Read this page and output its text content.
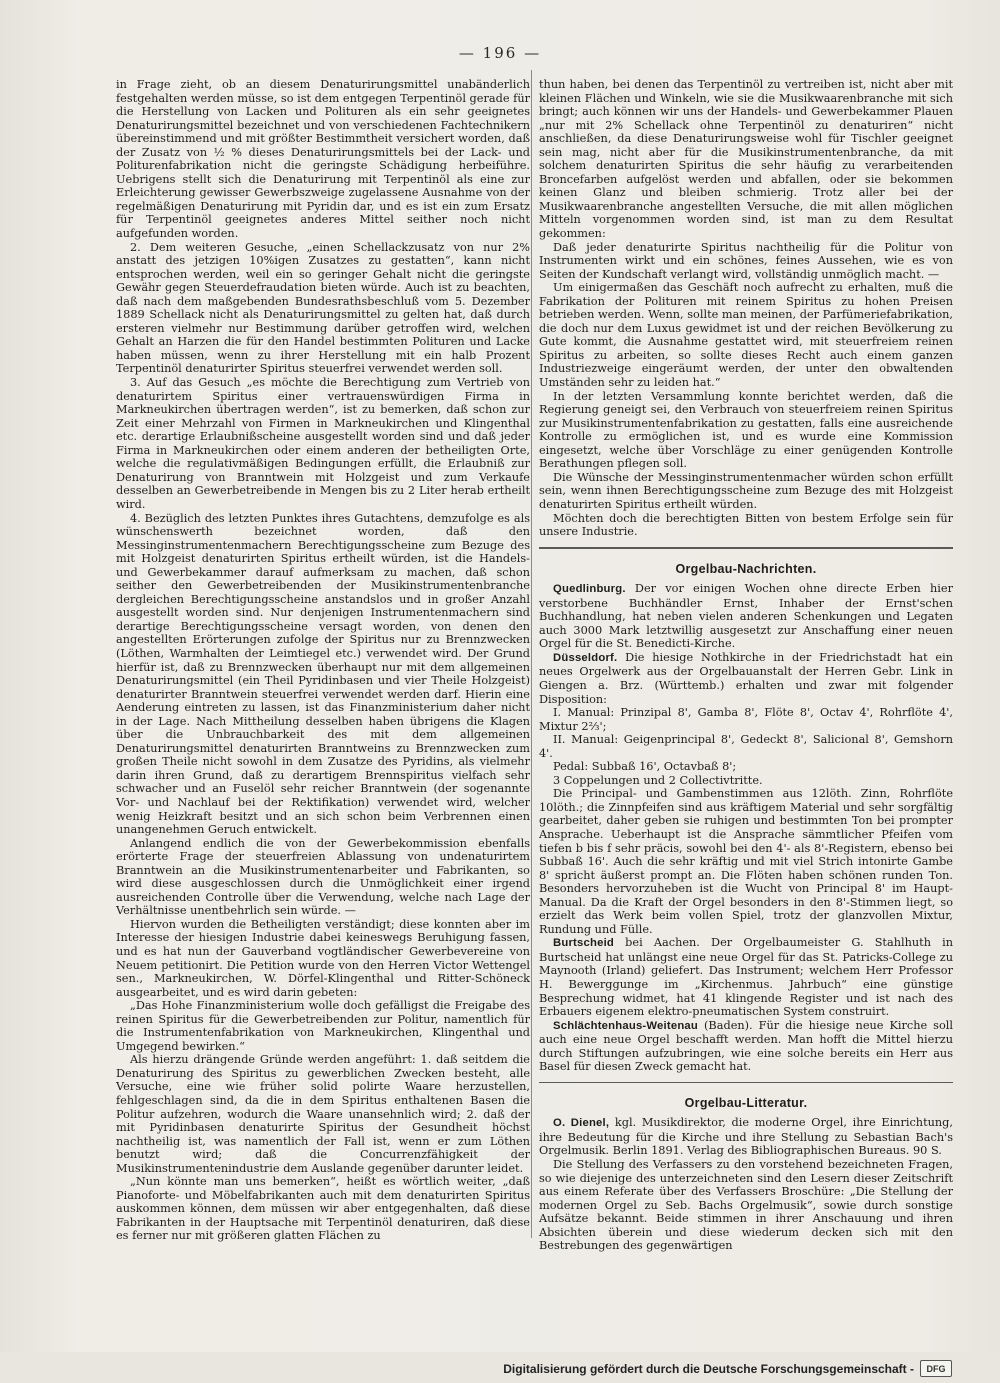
— 196 —

in Frage zieht, ob an diesem Denaturirungsmittel unabänderlich festgehalten werden müsse, so ist dem entgegen Terpentinöl gerade für die Herstellung von Lacken und Polituren als ein sehr geeignetes Denaturirungsmittel bezeichnet und von verschiedenen Fachtechnikern übereinstimmend und mit größter Bestimmtheit versichert worden, daß der Zusatz von ½ % dieses Denaturirungsmittels bei der Lack- und Politurenfabrikation nicht die geringste Schädigung herbeiführe. Uebrigens stellt sich die Denaturirung mit Terpentinöl als eine zur Erleichterung gewisser Gewerbszweige zugelassene Ausnahme von der regelmäßigen Denaturirung mit Pyridin dar, und es ist ein zum Ersatz für Terpentinöl geeignetes anderes Mittel seither noch nicht aufgefunden worden.

2. Dem weiteren Gesuche, „einen Schellackzusatz von nur 2% anstatt des jetzigen 10%igen Zusatzes zu gestatten“, kann nicht entsprochen werden, weil ein so geringer Gehalt nicht die geringste Gewähr gegen Steuerdefraudation bieten würde. Auch ist zu beachten, daß nach dem maßgebenden Bundesrathsbeschluß vom 5. Dezember 1889 Schellack nicht als Denaturirungsmittel zu gelten hat, daß durch ersteren vielmehr nur Bestimmung darüber getroffen wird, welchen Gehalt an Harzen die für den Handel bestimmten Polituren und Lacke haben müssen, wenn zu ihrer Herstellung mit ein halb Prozent Terpentinöl denaturirter Spiritus steuerfrei verwendet werden soll.

3. Auf das Gesuch „es möchte die Berechtigung zum Vertrieb von denaturirtem Spiritus einer vertrauenswürdigen Firma in Markneukirchen übertragen werden“, ist zu bemerken, daß schon zur Zeit einer Mehrzahl von Firmen in Markneukirchen und Klingenthal etc. derartige Erlaubnißscheine ausgestellt worden sind und daß jeder Firma in Markneukirchen oder einem anderen der betheiligten Orte, welche die regulativmäßigen Bedingungen erfüllt, die Erlaubniß zur Denaturirung von Branntwein mit Holzgeist und zum Verkaufe desselben an Gewerbetreibende in Mengen bis zu 2 Liter herab ertheilt wird.

4. Bezüglich des letzten Punktes ihres Gutachtens, demzufolge es als wünschenswerth bezeichnet worden, daß den Messinginstrumentenmachern Berechtigungsscheine zum Bezuge des mit Holzgeist denaturirten Spiritus ertheilt würden, ist die Handels- und Gewerbekammer darauf aufmerksam zu machen, daß schon seither den Gewerbetreibenden der Musikinstrumentenbranche dergleichen Berechtigungsscheine anstandslos und in großer Anzahl ausgestellt worden sind. Nur denjenigen Instrumentenmachern sind derartige Berechtigungsscheine versagt worden, von denen den angestellten Erörterungen zufolge der Spiritus nur zu Brennzwecken (Löthen, Warmhalten der Leimtiegel etc.) verwendet wird. Der Grund hierfür ist, daß zu Brennzwecken überhaupt nur mit dem allgemeinen Denaturirungsmittel (ein Theil Pyridinbasen und vier Theile Holzgeist) denaturirter Branntwein steuerfrei verwendet werden darf. Hierin eine Aenderung eintreten zu lassen, ist das Finanzministerium daher nicht in der Lage. Nach Mittheilung desselben haben übrigens die Klagen über die Unbrauchbarkeit des mit dem allgemeinen Denaturirungsmittel denaturirten Branntweins zu Brennzwecken zum großen Theile nicht sowohl in dem Zusatze des Pyridins, als vielmehr darin ihren Grund, daß zu derartigem Brennspiritus vielfach sehr schwacher und an Fuselöl sehr reicher Branntwein (der sogenannte Vor- und Nachlauf bei der Rektifikation) verwendet wird, welcher wenig Heizkraft besitzt und an sich schon beim Verbrennen einen unangenehmen Geruch entwickelt.

Anlangend endlich die von der Gewerbekommission ebenfalls erörterte Frage der steuerfreien Ablassung von undenaturirtem Branntwein an die Musikinstrumentenarbeiter und Fabrikanten, so wird diese ausgeschlossen durch die Unmöglichkeit einer irgend ausreichenden Controlle über die Verwendung, welche nach Lage der Verhältnisse unentbehrlich sein würde. —

Hiervon wurden die Betheiligten verständigt; diese konnten aber im Interesse der hiesigen Industrie dabei keineswegs Beruhigung fassen, und es hat nun der Gauverband vogtländischer Gewerbevereine von Neuem petitionirt. Die Petition wurde von den Herren Victor Wettengel sen., Markneukirchen, W. Dörfel-Klingenthal und Ritter-Schöneck ausgearbeitet, und es wird darin gebeten:

„Das Hohe Finanzministerium wolle doch gefälligst die Freigabe des reinen Spiritus für die Gewerbetreibenden zur Politur, namentlich für die Instrumentenfabrikation von Markneukirchen, Klingenthal und Umgegend bewirken.“

Als hierzu drängende Gründe werden angeführt: 1. daß seitdem die Denaturirung des Spiritus zu gewerblichen Zwecken besteht, alle Versuche, eine wie früher solid polirte Waare herzustellen, fehlgeschlagen sind, da die in dem Spiritus enthaltenen Basen die Politur aufzehren, wodurch die Waare unansehnlich wird; 2. daß der mit Pyridinbasen denaturirte Spiritus der Gesundheit höchst nachtheilig ist, was namentlich der Fall ist, wenn er zum Löthen benutzt wird; daß die Concurrenzfähigkeit der Musikinstrumentenindustrie dem Auslande gegenüber darunter leidet.

„Nun könnte man uns bemerken“, heißt es wörtlich weiter, „daß Pianoforte- und Möbelfabrikanten auch mit dem denaturirten Spiritus auskommen können, dem müssen wir aber entgegenhalten, daß diese Fabrikanten in der Hauptsache mit Terpentinöl denaturiren, daß diese es ferner nur mit größeren glatten Flächen zu

thun haben, bei denen das Terpentinöl zu vertreiben ist, nicht aber mit kleinen Flächen und Winkeln, wie sie die Musikwaarenbranche mit sich bringt; auch können wir uns der Handels- und Gewerbekammer Plauen „nur mit 2% Schellack ohne Terpentinöl zu denaturiren“ nicht anschließen, da diese Denaturirungsweise wohl für Tischler geeignet sein mag, nicht aber für die Musikinstrumentenbranche, da mit solchem denaturirten Spiritus die sehr häufig zu verarbeitenden Broncefarben aufgelöst werden und abfallen, oder sie bekommen keinen Glanz und bleiben schmierig. Trotz aller bei der Musikwaarenbranche angestellten Versuche, die mit allen möglichen Mitteln vorgenommen worden sind, ist man zu dem Resultat gekommen:

Daß jeder denaturirte Spiritus nachtheilig für die Politur von Instrumenten wirkt und ein schönes, feines Aussehen, wie es von Seiten der Kundschaft verlangt wird, vollständig unmöglich macht. —

Um einigermaßen das Geschäft noch aufrecht zu erhalten, muß die Fabrikation der Polituren mit reinem Spiritus zu hohen Preisen betrieben werden. Wenn, sollte man meinen, der Parfümeriefabrikation, die doch nur dem Luxus gewidmet ist und der reichen Bevölkerung zu Gute kommt, die Ausnahme gestattet wird, mit steuerfreiem reinen Spiritus zu arbeiten, so sollte dieses Recht auch einem ganzen Industriezweige eingeräumt werden, der unter den obwaltenden Umständen sehr zu leiden hat.“

In der letzten Versammlung konnte berichtet werden, daß die Regierung geneigt sei, den Verbrauch von steuerfreiem reinen Spiritus zur Musikinstrumentenfabrikation zu gestatten, falls eine ausreichende Kontrolle zu ermöglichen ist, und es wurde eine Kommission eingesetzt, welche über Vorschläge zu einer genügenden Kontrolle Berathungen pflegen soll.

Die Wünsche der Messinginstrumentenmacher würden schon erfüllt sein, wenn ihnen Berechtigungsscheine zum Bezuge des mit Holzgeist denaturirten Spiritus ertheilt würden.

Möchten doch die berechtigten Bitten von bestem Erfolge sein für unsere Industrie.

Orgelbau-Nachrichten.

Quedlinburg. Der vor einigen Wochen ohne directe Erben hier verstorbene Buchhändler Ernst, Inhaber der Ernst'schen Buchhandlung, hat neben vielen anderen Schenkungen und Legaten auch 3000 Mark letztwillig ausgesetzt zur Anschaffung einer neuen Orgel für die St. Benedicti-Kirche.

Düsseldorf. Die hiesige Nothkirche in der Friedrichstadt hat ein neues Orgelwerk aus der Orgelbauanstalt der Herren Gebr. Link in Giengen a. Brz. (Württemb.) erhalten und zwar mit folgender Disposition:

I. Manual: Prinzipal 8', Gamba 8', Flöte 8', Octav 4', Rohrflöte 4', Mixtur 2⅔';

II. Manual: Geigenprincipal 8', Gedeckt 8', Salicional 8', Gemshorn 4'.

Pedal: Subbaß 16', Octavbaß 8';

3 Coppelungen und 2 Collectivtritte.

Die Principal- und Gambenstimmen aus 12löth. Zinn, Rohrflöte 10löth.; die Zinnpfeifen sind aus kräftigem Material und sehr sorgfältig gearbeitet, daher geben sie ruhigen und bestimmten Ton bei prompter Ansprache. Ueberhaupt ist die Ansprache sämmtlicher Pfeifen vom tiefen b bis f sehr präcis, sowohl bei den 4'- als 8'-Registern, ebenso bei Subbaß 16'. Auch die sehr kräftig und mit viel Strich intonirte Gambe 8' spricht äußerst prompt an. Die Flöten haben schönen runden Ton. Besonders hervorzuheben ist die Wucht von Principal 8' im Haupt-Manual. Da die Kraft der Orgel besonders in den 8'-Stimmen liegt, so erzielt das Werk beim vollen Spiel, trotz der glanzvollen Mixtur, Rundung und Fülle.

Burtscheid bei Aachen. Der Orgelbaumeister G. Stahlhuth in Burtscheid hat unlängst eine neue Orgel für das St. Patricks-College zu Maynooth (Irland) geliefert. Das Instrument; welchem Herr Professor H. Bewerggunge im „Kirchenmus. Jahrbuch“ eine günstige Besprechung widmet, hat 41 klingende Register und ist nach des Erbauers eigenem elektro-pneumatischen System construirt.

Schlächtenhaus-Weitenau (Baden). Für die hiesige neue Kirche soll auch eine neue Orgel beschafft werden. Man hofft die Mittel hierzu durch Stiftungen aufzubringen, wie eine solche bereits ein Herr aus Basel für diesen Zweck gemacht hat.

Orgelbau-Litteratur.

O. Dienel, kgl. Musikdirektor, die moderne Orgel, ihre Einrichtung, ihre Bedeutung für die Kirche und ihre Stellung zu Sebastian Bach's Orgelmusik. Berlin 1891. Verlag des Bibliographischen Bureaus. 90 S.

Die Stellung des Verfassers zu den vorstehend bezeichneten Fragen, so wie diejenige des unterzeichneten sind den Lesern dieser Zeitschrift aus einem Referate über des Verfassers Broschüre: „Die Stellung der modernen Orgel zu Seb. Bachs Orgelmusik“, sowie durch sonstige Aufsätze bekannt. Beide stimmen in ihrer Anschauung und ihren Absichten überein und diese wiederum decken sich mit den Bestrebungen des gegenwärtigen

Digitalisierung gefördert durch die Deutsche Forschungsgemeinschaft -	DFG
